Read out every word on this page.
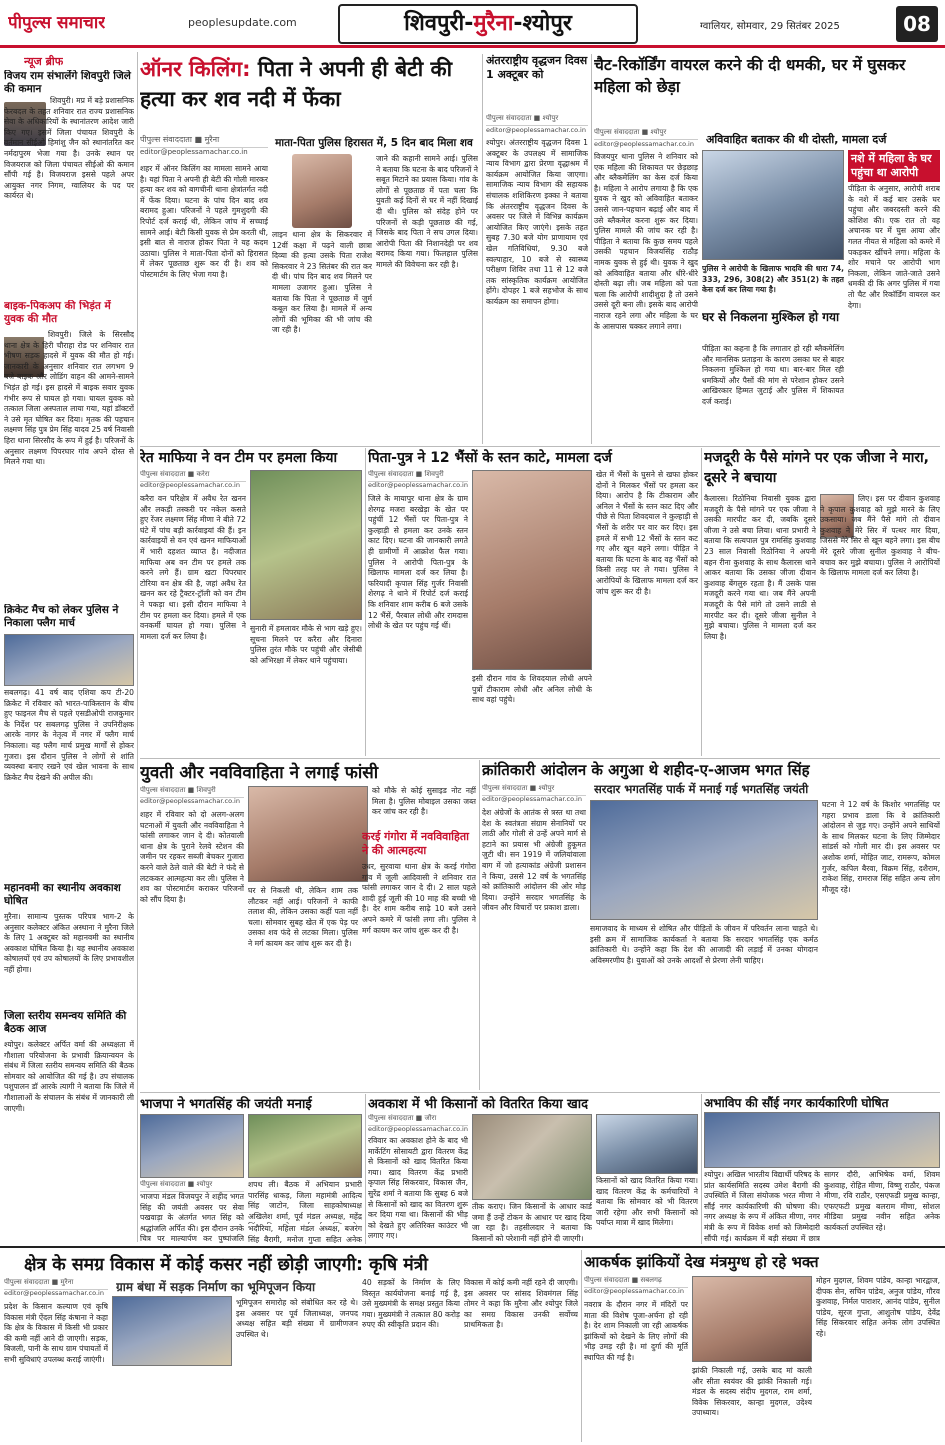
पीपुल्स समाचार	peoplesupdate.com	शिवपुरी-मुरैना-श्योपुर	ग्वालियर, सोमवार, 29 सितंबर 2025	08
न्यूज ब्रीफ
विजय राम संभालेंगे शिवपुरी जिले की कमान
शिवपुरी। मप्र में बड़े प्रशासनिक फेरबदल के तहत शनिवार रात राज्य प्रशासनिक सेवा के अधिकारियों के स्थानांतरण आदेश जारी किए गए। इसमें जिला पंचायत शिवपुरी के वर्तमान सीईओ हिमांशु जैन को स्थानांतरित कर नर्मदापुरम भेजा गया है। उनके स्थान पर विजयराज को जिला पंचायत सीईओ की कमान सौंपी गई है। विजयराज इससे पहले अपर आयुक्त नगर निगम, ग्वालियर के पद पर कार्यरत थे।
बाइक-पिकअप की भिड़ंत में युवक की मौत
शिवपुरी। जिले के सिरसौद थाना क्षेत्र के हिरी चौराहा रोड पर शनिवार रात भीषण सड़क हादसे में युवक की मौत हो गई। जानकारी के अनुसार शनिवार रात लगभग 9 बजे बाइक और लोडिंग वाहन की आमने-सामने भिड़ंत हो गई। इस हादसे में बाइक सवार युवक गंभीर रूप से घायल हो गया। घायल युवक को तत्काल जिला अस्पताल लाया गया, यहां डॉक्टरों ने उसे मृत घोषित कर दिया। मृतक की पहचान लक्ष्मण सिंह पुत्र प्रेम सिंह यादव 25 वर्ष निवासी हिरा थाना सिरसौद के रूप में हुई है। परिजनों के अनुसार लक्ष्मण पिपरघार गांव अपने दोस्त से मिलने गया था।
क्रिकेट मैच को लेकर पुलिस ने निकाला फ्लैग मार्च
सबलगढ़। 41 वर्ष बाद एशिया कप टी-20 क्रिकेट में रविवार को भारत-पाकिस्तान के बीच हुए फाइनल मैच से पहले एसडीओपी राजकुमार के निर्देश पर सबलगढ़ पुलिस ने उपनिरीक्षक आरके नागर के नेतृत्व में नगर में फ्लैग मार्च निकाला। यह फ्लैग मार्च प्रमुख मार्गों से होकर गुजरा। इस दौरान पुलिस ने लोगों से शांति व्यवस्था बनाए रखने एवं खेल भावना के साथ क्रिकेट मैच देखने की अपील की।
महानवमी का स्थानीय अवकाश घोषित
मुरैना। सामान्य पुस्तक परिपत्र भाग-2 के अनुसार कलेक्टर अंकित अस्थाना ने मुरैना जिले के लिए 1 अक्टूबर को महानवमी का स्थानीय अवकाश घोषित किया है। यह स्थानीय अवकाश कोषालयों एवं उप कोषालयों के लिए प्रभावशील नहीं होगा।
जिला स्तरीय समन्वय समिति की बैठक आज
श्योपुर। कलेक्टर अर्पित वर्मा की अध्यक्षता में गौशाला परियोजना के प्रभावी क्रियान्वयन के संबंध में जिला स्तरीय समन्वय समिति की बैठक सोमवार को आयोजित की गई है। उप संचालक पशुपालन डॉ आरके त्यागी ने बताया कि जिले में गौशालाओं के संचालन के संबंध में जानकारी ली जाएगी।
ऑनर किलिंग: पिता ने अपनी ही बेटी की हत्या कर शव नदी में फेंका
पीपुल्स संवाददाता ■ मुरैना
editor@peoplessamachar.co.in
माता-पिता पुलिस हिरासत में, 5 दिन बाद मिला शव
शहर में ऑनर किलिंग का मामला सामने आया है। यहां पिता ने अपनी ही बेटी की गोली मारकर हत्या कर शव को बागचीनी थाना क्षेत्रांतर्गत नदी में फेंक दिया। घटना के पांच दिन बाद शव बरामद हुआ। परिजनों ने पहले गुमशुदगी की रिपोर्ट दर्ज कराई थी, लेकिन जांच में सच्चाई सामने आई। बेटी किसी युवक से प्रेम करती थी, इसी बात से नाराज होकर पिता ने यह कदम उठाया। पुलिस ने माता-पिता दोनों को हिरासत में लेकर पूछताछ शुरू कर दी है। शव को पोस्टमार्टम के लिए भेजा गया है।
लाइन थाना क्षेत्र के सिकरवार में 12वीं कक्षा में पढ़ने वाली छात्रा दिव्या की हत्या उसके पिता राजेश सिकरवार ने 23 सितंबर की रात कर दी थी। पांच दिन बाद शव मिलने पर मामला उजागर हुआ। पुलिस ने बताया कि पिता ने पूछताछ में जुर्म कबूल कर लिया है। मामले में अन्य लोगों की भूमिका की भी जांच की जा रही है।
जाने की कहानी सामने आई। पुलिस ने बताया कि घटना के बाद परिजनों ने सबूत मिटाने का प्रयास किया। गांव के लोगों से पूछताछ में पता चला कि युवती कई दिनों से घर में नहीं दिखाई दी थी। पुलिस को संदेह होने पर परिजनों से कड़ी पूछताछ की गई, जिसके बाद पिता ने सच उगल दिया। आरोपी पिता की निशानदेही पर शव बरामद किया गया। फिलहाल पुलिस मामले की विवेचना कर रही है।
अंतरराष्ट्रीय वृद्धजन दिवस 1 अक्टूबर को
पीपुल्स संवाददाता ■ श्योपुर
editor@peoplessamachar.co.in
श्योपुर। अंतरराष्ट्रीय वृद्धजन दिवस 1 अक्टूबर के उपलक्ष्य में सामाजिक न्याय विभाग द्वारा प्रेरणा वृद्धाश्रम में कार्यक्रम आयोजित किया जाएगा। सामाजिक न्याय विभाग की सहायक संचालक शशिकिरण इक्का ने बताया कि अंतरराष्ट्रीय वृद्धजन दिवस के अवसर पर जिले में विभिन्न कार्यक्रम आयोजित किए जाएंगे। इसके तहत सुबह 7.30 बजे योग प्राणायाम एवं खेल गतिविधियां, 9.30 बजे स्वल्पाहार, 10 बजे से स्वास्थ्य परीक्षण शिविर तथा 11 से 12 बजे तक सांस्कृतिक कार्यक्रम आयोजित होंगे। दोपहर 1 बजे सहभोज के साथ कार्यक्रम का समापन होगा।
चैट-रिकॉर्डिंग वायरल करने की दी धमकी, घर में घुसकर महिला को छेड़ा
पीपुल्स संवाददाता ■ श्योपुर
editor@peoplessamachar.co.in	अविवाहित बताकर की थी दोस्ती, मामला दर्ज
विजयपुर थाना पुलिस ने शनिवार को एक महिला की शिकायत पर छेड़छाड़ और ब्लैकमेलिंग का केस दर्ज किया है। महिला ने आरोप लगाया है कि एक युवक ने खुद को अविवाहित बताकर उससे जान-पहचान बढ़ाई और बाद में उसे ब्लैकमेल करना शुरू कर दिया। पुलिस मामले की जांच कर रही है। पीड़िता ने बताया कि कुछ समय पहले उसकी पहचान विजयसिंह राठौड़ नामक युवक से हुई थी। युवक ने खुद को अविवाहित बताया और धीरे-धीरे दोस्ती बढ़ा ली। जब महिला को पता चला कि आरोपी शादीशुदा है तो उसने उससे दूरी बना ली। इसके बाद आरोपी नाराज रहने लगा और महिला के घर के आसपास चक्कर लगाने लगा।
पुलिस ने आरोपी के खिलाफ भादवि की धारा 74, 333, 296, 308(2) और 351(2) के तहत केस दर्ज कर लिया गया है।
नशे में महिला के घर पहुंचा था आरोपी
पीड़िता के अनुसार, आरोपी शराब के नशे में कई बार उसके घर पहुंचा और जबरदस्ती करने की कोशिश की। एक रात तो वह अचानक घर में घुस आया और गलत नीयत से महिला को कमरे में पकड़कर खींचने लगा। महिला के शोर मचाने पर आरोपी भाग निकला, लेकिन जाते-जाते उसने धमकी दी कि अगर पुलिस में गया तो चैट और रिकॉर्डिंग वायरल कर देगा।
घर से निकलना मुश्किल हो गया
पीड़िता का कहना है कि लगातार हो रही ब्लैकमेलिंग और मानसिक प्रताड़ना के कारण उसका घर से बाहर निकलना मुश्किल हो गया था। बार-बार मिल रही धमकियों और पैसों की मांग से परेशान होकर उसने आखिरकार हिम्मत जुटाई और पुलिस में शिकायत दर्ज कराई।
रेत माफिया ने वन टीम पर हमला किया
पीपुल्स संवाददाता ■ करेरा
editor@peoplessamachar.co.in
करैरा वन परिक्षेत्र में अवैध रेत खनन और लकड़ी तस्करी पर नकेल कसते हुए रेंजर लक्ष्मण सिंह मीणा ने बीते 72 घंटे में पांच बड़ी कार्रवाइयां की हैं। इन कार्रवाइयों से वन एवं खनन माफियाओं में भारी दहशत व्याप्त है। नदीजात माफिया अब वन टीम पर हमले तक करने लगे हैं। ग्राम खटा पिपरघार टोरिया वन क्षेत्र की है, जहां अवैध रेत खनन कर रहे ट्रैक्टर-ट्रॉली को वन टीम ने पकड़ा था। इसी दौरान माफिया ने टीम पर हमला कर दिया। हमले में एक वनकर्मी घायल हो गया। पुलिस ने मामला दर्ज कर लिया है।
सुनारी में हमलावर मौके से भाग खड़े हुए। सूचना मिलने पर करैरा और दिनारा पुलिस तुरंत मौके पर पहुंची और जेसीबी को अभिरक्षा में लेकर थाने पहुंचाया।
पिता-पुत्र ने 12 भैंसों के स्तन काटे, मामला दर्ज
पीपुल्स संवाददाता ■ शिवपुरी
editor@peoplessamachar.co.in
जिले के मायापुर थाना क्षेत्र के ग्राम शेरगढ़ मजरा बरखेड़ा के खेत पर पहुंचीं 12 भैंसों पर पिता-पुत्र ने कुल्हाड़ी से हमला कर उनके स्तन काट दिए। घटना की जानकारी लगते ही ग्रामीणों में आक्रोश फैल गया। पुलिस ने आरोपी पिता-पुत्र के खिलाफ मामला दर्ज कर लिया है। फरियादी कृपाल सिंह गुर्जर निवासी शेरगढ़ ने थाने में रिपोर्ट दर्ज कराई कि शनिवार शाम करीब 6 बजे उसके 12 भैंसें, पैरबाल लोधी और रामदास लोधी के खेत पर पहुंच गई थीं।
इसी दौरान गांव के शिवदयाल लोधी अपने पुत्रों टीकाराम लोधी और अनिल लोधी के साथ वहां पहुंचे।
खेत में भैंसों के घुसने से खफा होकर दोनों ने मिलकर भैंसों पर हमला कर दिया। आरोप है कि टीकाराम और अनिल ने भैंसों के स्तन काट दिए और पीछे से पिता शिवदयाल ने कुल्हाड़ी से भैंसों के शरीर पर वार कर दिए। इस हमले में सभी 12 भैंसों के स्तन कट गए और खून बहने लगा। पीड़ित ने बताया कि घटना के बाद वह भैंसों को किसी तरह घर ले गया। पुलिस ने आरोपियों के खिलाफ मामला दर्ज कर जांच शुरू कर दी है।
मजदूरी के पैसे मांगने पर एक जीजा ने मारा, दूसरे ने बचाया
कैलारस। रिठोनिया निवासी युवक द्वारा मजदूरी के पैसे मांगने पर एक जीजा ने उसकी मारपीट कर दी, जबकि दूसरे जीजा ने उसे बचा लिया। थाना प्रभारी ने बताया कि सत्यपाल पुत्र रामसिंह कुशवाह 23 साल निवासी रिठोनिया ने अपनी बहन रीना कुशवाह के साथ कैलारस थाने आकर बताया कि उसका जीजा दीवान कुशवाह बेंगलुरु रहता है। मैं उसके पास मजदूरी करने गया था। जब मैंने अपनी मजदूरी के पैसे मांगे तो उसने लाठी से मारपीट कर दी। दूसरे जीजा सुनील ने मुझे बचाया। पुलिस ने मामला दर्ज कर लिया है।
लिए। इस पर दीवान कुशवाह ने कृपाल कुशवाह को मुझे मारने के लिए उकसाया। जब मैंने पैसे मांगे तो दीवान कुशवाह ने मेरे सिर में पत्थर मार दिया, जिससे मेरे सिर से खून बहने लगा। इस बीच मेरे दूसरे जीजा सुनील कुशवाह ने बीच-बचाव कर मुझे बचाया। पुलिस ने आरोपियों के खिलाफ मामला दर्ज कर लिया है।
युवती और नवविवाहिता ने लगाई फांसी
पीपुल्स संवाददाता ■ शिवपुरी
editor@peoplessamachar.co.in
शहर में रविवार को दो अलग-अलग घटनाओं में युवती और नवविवाहिता ने फांसी लगाकर जान दे दी। कोतवाली थाना क्षेत्र के पुराने रेलवे स्टेशन की जमीन पर रहकर सब्जी बेचकर गुजारा करने वाले ठेले वाले की बेटी ने फंदे से लटककर आत्महत्या कर ली। पुलिस ने शव का पोस्टमार्टम कराकर परिजनों को सौंप दिया है।
घर से निकली थी, लेकिन शाम तक लौटकर नहीं आई। परिजनों ने काफी तलाश की, लेकिन उसका कहीं पता नहीं चला। सोमवार सुबह खेत में एक पेड़ पर उसका शव फंदे से लटका मिला। पुलिस ने मर्ग कायम कर जांच शुरू कर दी है।
को मौके से कोई सुसाइड नोट नहीं मिला है। पुलिस मोबाइल उसका जब्त कर जांच कर रही है।
करई गंगोरा में नवविवाहिता ने की आत्महत्या
उधर, सुरवाया थाना क्षेत्र के करई गंगोरा गांव में जूली आदिवासी ने शनिवार रात फांसी लगाकर जान दे दी। 2 साल पहले शादी हुई जूली की 10 माह की बच्ची भी है। देर शाम करीब साढ़े 10 बजे उसने अपने कमरे में फांसी लगा ली। पुलिस ने मर्ग कायम कर जांच शुरू कर दी है।
क्रांतिकारी आंदोलन के अगुआ थे शहीद-ए-आजम भगत सिंह
पीपुल्स संवाददाता ■ श्योपुर
editor@peoplessamachar.co.in
सरदार भगतसिंह पार्क में मनाई गई भगतसिंह जयंती
देश अंग्रेजों के आतंक से त्रस्त था तथा देश के स्वतंत्रता संग्राम सेनानियों पर लाठी और गोली से उन्हें अपने मार्ग से हटाने का प्रयास भी अंग्रेजी हुकूमत जुटी थी। सन 1919 में जलियांवाला बाग में जो हत्याकांड अंग्रेजी प्रशासन ने किया, उससे 12 वर्ष के भगतसिंह को क्रांतिकारी आंदोलन की ओर मोड़ दिया। उन्होंने सरदार भगतसिंह के जीवन और विचारों पर प्रकाश डाला।
समाजवाद के माध्यम से शोषित और पीड़ितों के जीवन में परिवर्तन लाना चाहते थे। इसी क्रम में सामाजिक कार्यकर्ता ने बताया कि सरदार भगतसिंह एक कर्मठ क्रांतिकारी थे। उन्होंने कहा कि देश की आजादी की लड़ाई में उनका योगदान अविस्मरणीय है। युवाओं को उनके आदर्शों से प्रेरणा लेनी चाहिए।
घटना ने 12 वर्ष के किशोर भगतसिंह पर गहरा प्रभाव डाला कि वे क्रांतिकारी आंदोलन से जुड़ गए। उन्होंने अपने साथियों के साथ मिलकर घटना के लिए जिम्मेदार सांडर्स को गोली मार दी। इस अवसर पर अशोक शर्मा, मोहित जाट, रामरूप, कोमल गुर्जर, कपिल बैरवा, विक्रम सिंह, दशैराम, राकेश सिंह, रामराज सिंह सहित अन्य लोग मौजूद रहे।
भाजपा ने भगतसिंह की जयंती मनाई
पीपुल्स संवाददाता ■ श्योपुर
भाजपा मंडल विजयपुर ने शहीद भगत सिंह की जयंती अवसर पर सेवा पखवाड़ा के अंतर्गत भगत सिंह को श्रद्धांजलि अर्पित की। इस दौरान उनके चित्र पर माल्यार्पण कर पुष्पांजलि
शपथ ली। बैठक में अभियान प्रभारी पारसिंह धाकड़, जिला महामंत्री आदित्य सिंह जाटोन, जिला साहकोषाध्यक्ष अखिलेश शर्मा, पूर्व मंडल अध्यक्ष, महेंद्र
भदौरिया, महिला मंडल अध्यक्ष, बजरंग सिंह बैरागी, मनोज गुप्ता सहित अनेक
अवकाश में भी किसानों को वितरित किया खाद
पीपुल्स संवाददाता ■ जौरा
editor@peoplessamachar.co.in
रविवार का अवकाश होने के बाद भी मार्केटिंग सोसायटी द्वारा वितरण केंद्र से किसानों को खाद वितरित किया गया। खाद वितरण केंद्र प्रभारी कृपाल सिंह सिकरवार, विकास जैन, सुरेंद्र शर्मा ने बताया कि सुबह 6 बजे से किसानों को खाद का वितरण शुरू कर दिया गया था। किसानों की भीड़ को देखते हुए अतिरिक्त काउंटर भी लगाए गए।
तीक कराए। जिन किसानों के आधार कार्ड जमा हैं उन्हें टोकन के आधार पर खाद दिया जा रहा है। तहसीलदार ने बताया कि किसानों को परेशानी नहीं होने दी जाएगी।
किसानों को खाद वितरित किया गया। खाद वितरण केंद्र के कर्मचारियों ने बताया कि सोमवार को भी वितरण जारी रहेगा और सभी किसानों को पर्याप्त मात्रा में खाद मिलेगा।
अभाविप की सौंई नगर कार्यकारिणी घोषित
श्योपुर। अखिल भारतीय विद्यार्थी परिषद के प्रांत कार्यसमिति सदस्य उमेश बैरागी की उपस्थिति में जिला संयोजक भरत मीणा ने सौंई नगर कार्यकारिणी की घोषणा की। नगर अध्यक्ष के रूप में अंकित मीणा, नगर मंत्री के रूप में विवेक शर्मा को जिम्मेदारी सौंपी गई। कार्यक्रम में बड़ी संख्या में छात्र
सागर दौरी, आभिषेक वर्मा, शिवम कुशवाह, रोहित मीणा, विष्णु राठौर, पंकज मीणा, रवि राठौर, एसएफडी प्रमुख कान्हा, एफएफटी प्रमुख बलराम मीणा, सोशल मीडिया प्रमुख नवीन सहित अनेक कार्यकर्ता उपस्थित रहे।
क्षेत्र के समग्र विकास में कोई कसर नहीं छोड़ी जाएगी: कृषि मंत्री
पीपुल्स संवाददाता ■ मुरैना
editor@peoplessamachar.co.in	ग्राम बंधा में सड़क निर्माण का भूमिपूजन किया
प्रदेश के किसान कल्याण एवं कृषि विकास मंत्री ऐंदल सिंह कंषाना ने कहा कि क्षेत्र के विकास में किसी भी प्रकार की कमी नहीं आने दी जाएगी। सड़क, बिजली, पानी के साथ ग्राम पंचायतों में सभी सुविधाएं उपलब्ध कराई जाएंगी।
भूमिपूजन समारोह को संबोधित कर रहे थे। इस अवसर पर पूर्व जिलाध्यक्ष, जनपद अध्यक्ष सहित बड़ी संख्या में ग्रामीणजन उपस्थित थे।
40 सड़कों के निर्माण के लिए विस्तृत कार्ययोजना बनाई गई है, उसे मुख्यमंत्री के समक्ष प्रस्तुत किया गया। मुख्यमंत्री ने तत्काल 80 करोड़ रुपए की स्वीकृति प्रदान की।
विकास में कोई कमी नहीं रहने दी जाएगी। इस अवसर पर सांसद शिवमंगल सिंह तोमर ने कहा कि मुरैना और श्योपुर जिले का समग्र विकास उनकी सर्वोच्च प्राथमिकता है।
आकर्षक झांकियों देख मंत्रमुग्ध हो रहे भक्त
पीपुल्स संवाददाता ■ सबलगढ़
editor@peoplessamachar.co.in
नवरात्र के दौरान नगर में मंदिरों पर माता की विशेष पूजा-अर्चना हो रही है। देर शाम निकाली जा रही आकर्षक झांकियों को देखने के लिए लोगों की भीड़ उमड़ रही है। मां दुर्गा की मूर्ति स्थापित की गई है।
झांकी निकाली गई, उसके बाद मां काली और सीता स्वयंवर की झांकी निकाली गई। मंडल के सदस्य संदीप मुदगल, राम शर्मा, विवेक सिकरवार, कान्हा मुदगल, उदेश्य उपाध्याय।
मोहन मुदगल, शिवम पांडेय, कान्हा भारद्वाज, दीपक सेन, सचिन पांडेय, अनुज पांडेय, गौरव कुशवाह, निर्मल पाराशर, आनंद पांडेय, सुनील पांडेय, सूरज गुप्ता, आशुतोष पांडेय, देवेंद्र सिंह सिकरवार सहित अनेक लोग उपस्थित रहे।
